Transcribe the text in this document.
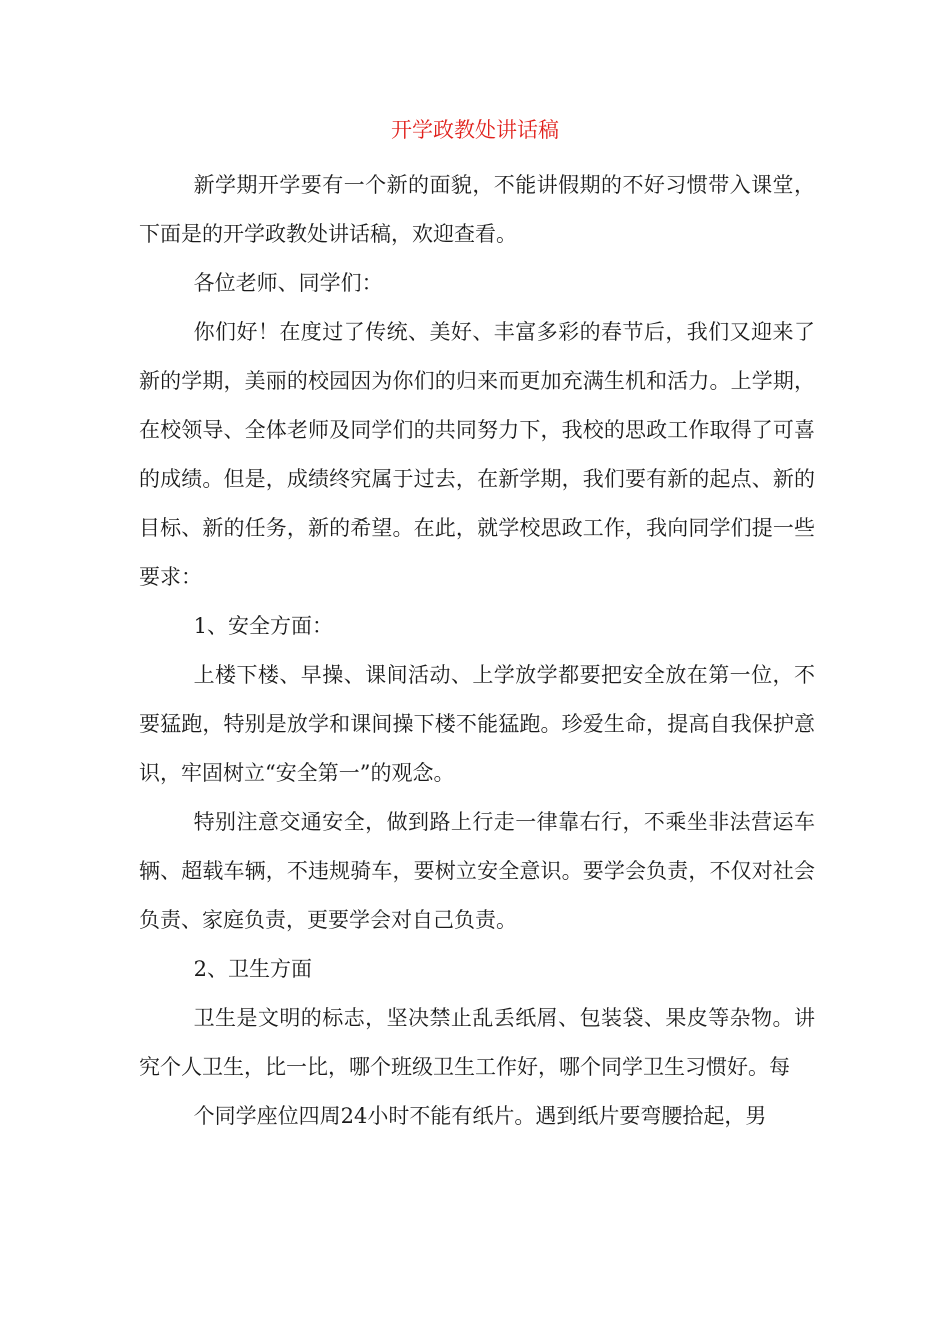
开学政教处讲话稿

新学期开学要有一个新的面貌，不能讲假期的不好习惯带入课堂，下面是的开学政教处讲话稿，欢迎查看。

各位老师、同学们：

你们好！在度过了传统、美好、丰富多彩的春节后，我们又迎来了新的学期，美丽的校园因为你们的归来而更加充满生机和活力。上学期，在校领导、全体老师及同学们的共同努力下，我校的思政工作取得了可喜的成绩。但是，成绩终究属于过去，在新学期，我们要有新的起点、新的目标、新的任务，新的希望。在此，就学校思政工作，我向同学们提一些要求：

1、安全方面：

上楼下楼、早操、课间活动、上学放学都要把安全放在第一位，不要猛跑，特别是放学和课间操下楼不能猛跑。珍爱生命，提高自我保护意识，牢固树立“安全第一”的观念。

特别注意交通安全，做到路上行走一律靠右行，不乘坐非法营运车辆、超载车辆，不违规骑车，要树立安全意识。要学会负责，不仅对社会负责、家庭负责，更要学会对自己负责。

2、卫生方面

卫生是文明的标志，坚决禁止乱丢纸屑、包装袋、果皮等杂物。讲究个人卫生，比一比，哪个班级卫生工作好，哪个同学卫生习惯好。每

个同学座位四周24小时不能有纸片。遇到纸片要弯腰拾起，男
